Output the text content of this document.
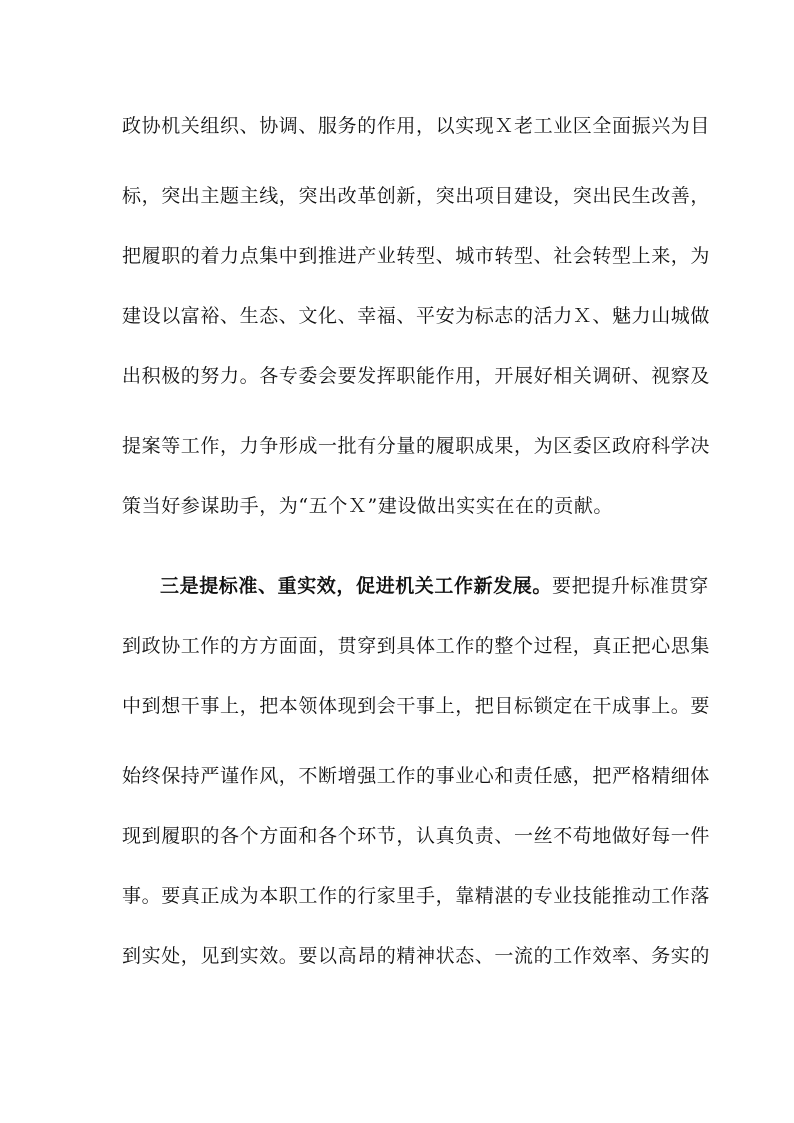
政协机关组织、协调、服务的作用，以实现Ｘ老工业区全面振兴为目
标，突出主题主线，突出改革创新，突出项目建设，突出民生改善，
把履职的着力点集中到推进产业转型、城市转型、社会转型上来，为
建设以富裕、生态、文化、幸福、平安为标志的活力Ｘ、魅力山城做
出积极的努力。各专委会要发挥职能作用，开展好相关调研、视察及
提案等工作，力争形成一批有分量的履职成果，为区委区政府科学决
策当好参谋助手，为“五个Ｘ”建设做出实实在在的贡献。
三是提标准、重实效，促进机关工作新发展。要把提升标准贯穿
到政协工作的方方面面，贯穿到具体工作的整个过程，真正把心思集
中到想干事上，把本领体现到会干事上，把目标锁定在干成事上。要
始终保持严谨作风，不断增强工作的事业心和责任感，把严格精细体
现到履职的各个方面和各个环节，认真负责、一丝不苟地做好每一件
事。要真正成为本职工作的行家里手，靠精湛的专业技能推动工作落
到实处，见到实效。要以高昂的精神状态、一流的工作效率、务实的
